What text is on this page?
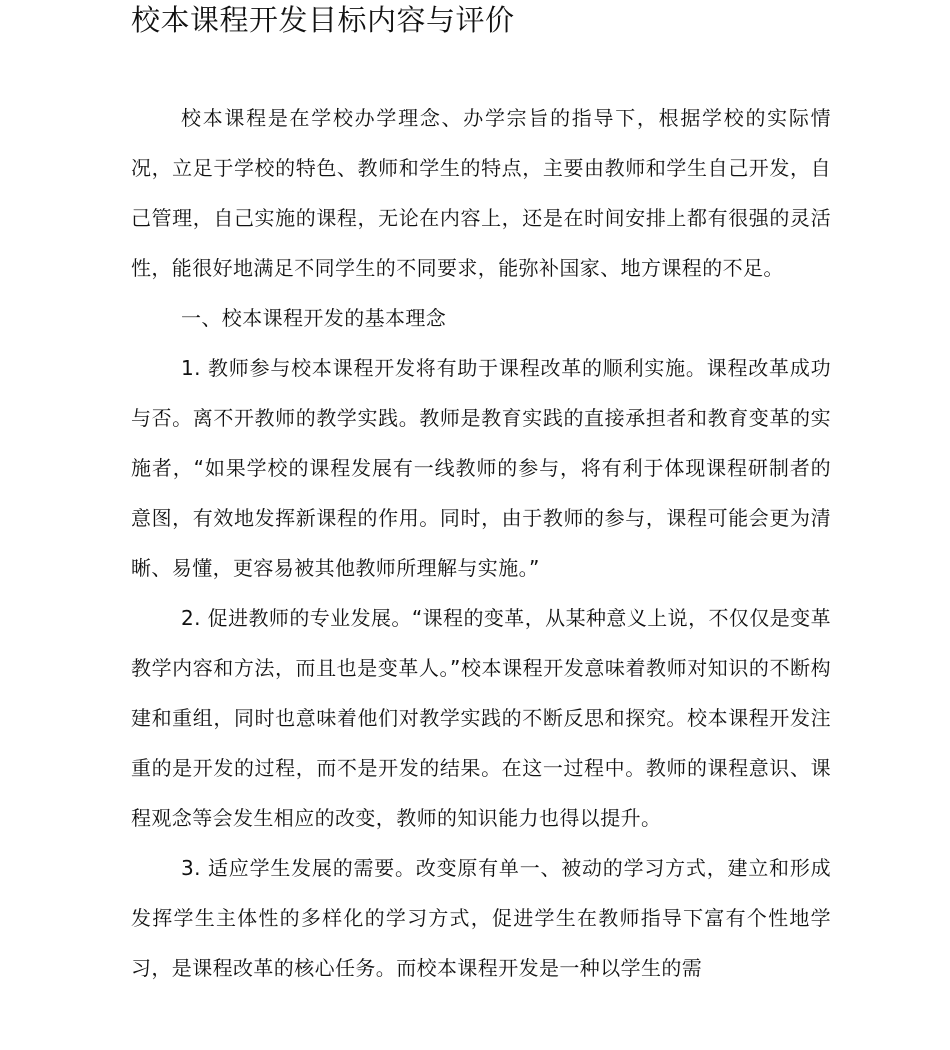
校本课程开发目标内容与评价

校本课程是在学校办学理念、办学宗旨的指导下，根据学校的实际情况，立足于学校的特色、教师和学生的特点，主要由教师和学生自己开发，自己管理，自己实施的课程，无论在内容上，还是在时间安排上都有很强的灵活性，能很好地满足不同学生的不同要求，能弥补国家、地方课程的不足。

一、校本课程开发的基本理念

1. 教师参与校本课程开发将有助于课程改革的顺利实施。课程改革成功与否。离不开教师的教学实践。教师是教育实践的直接承担者和教育变革的实施者，“如果学校的课程发展有一线教师的参与，将有利于体现课程研制者的意图，有效地发挥新课程的作用。同时，由于教师的参与，课程可能会更为清晰、易懂，更容易被其他教师所理解与实施。”

2. 促进教师的专业发展。“课程的变革，从某种意义上说，不仅仅是变革教学内容和方法，而且也是变革人。”校本课程开发意味着教师对知识的不断构建和重组，同时也意味着他们对教学实践的不断反思和探究。校本课程开发注重的是开发的过程，而不是开发的结果。在这一过程中。教师的课程意识、课程观念等会发生相应的改变，教师的知识能力也得以提升。

3. 适应学生发展的需要。改变原有单一、被动的学习方式，建立和形成发挥学生主体性的多样化的学习方式，促进学生在教师指导下富有个性地学习，是课程改革的核心任务。而校本课程开发是一种以学生的需
